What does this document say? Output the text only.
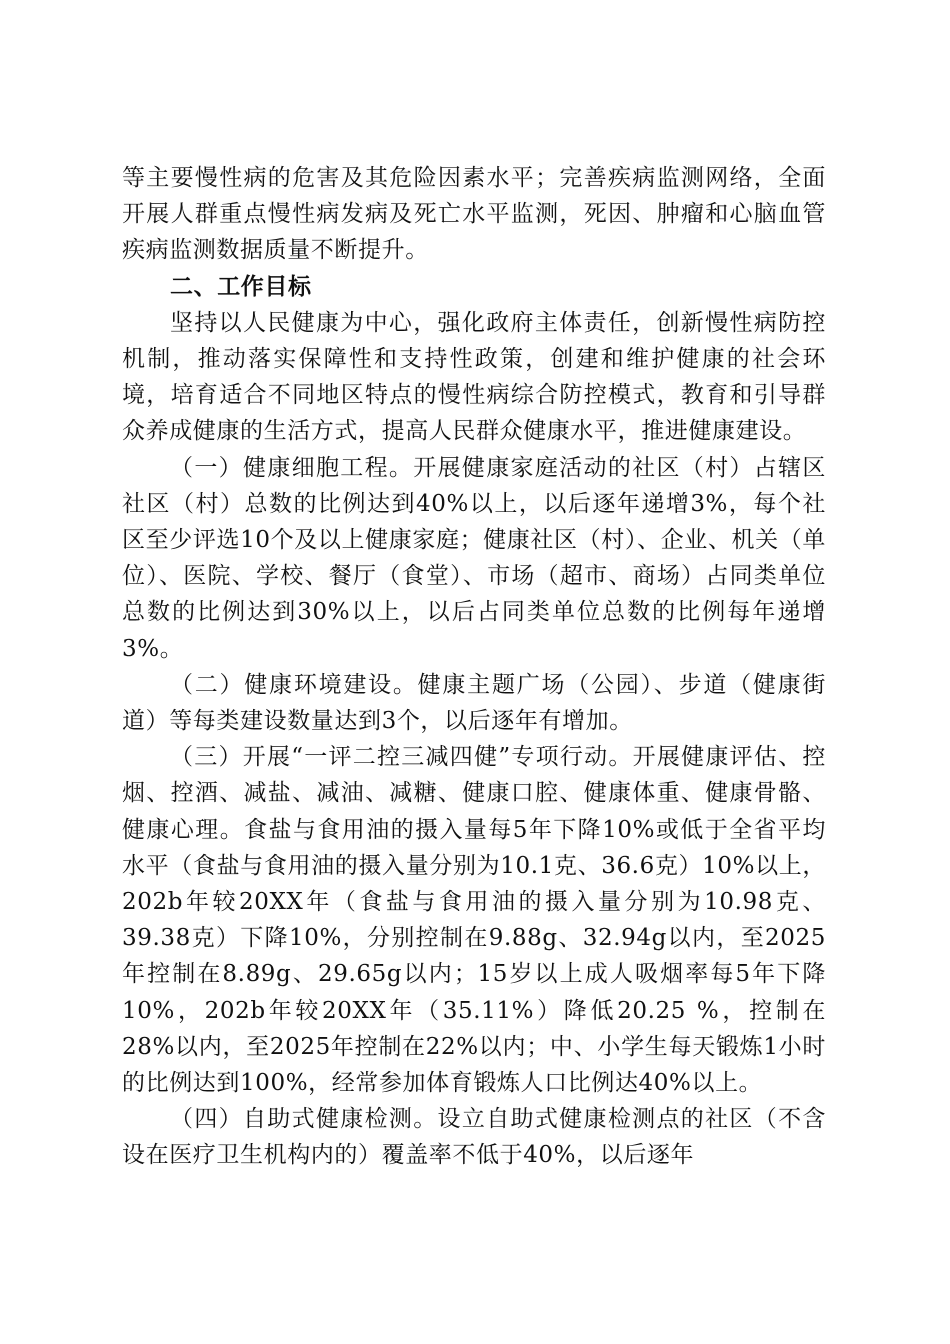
等主要慢性病的危害及其危险因素水平；完善疾病监测网络，全面开展人群重点慢性病发病及死亡水平监测，死因、肿瘤和心脑血管疾病监测数据质量不断提升。

二、工作目标

坚持以人民健康为中心，强化政府主体责任，创新慢性病防控机制，推动落实保障性和支持性政策，创建和维护健康的社会环境，培育适合不同地区特点的慢性病综合防控模式，教育和引导群众养成健康的生活方式，提高人民群众健康水平，推进健康建设。

（一）健康细胞工程。开展健康家庭活动的社区（村）占辖区社区（村）总数的比例达到40%以上，以后逐年递增3%，每个社区至少评选10个及以上健康家庭；健康社区（村）、企业、机关（单位）、医院、学校、餐厅（食堂）、市场（超市、商场）占同类单位总数的比例达到30%以上，以后占同类单位总数的比例每年递增3%。

（二）健康环境建设。健康主题广场（公园）、步道（健康街道）等每类建设数量达到3个，以后逐年有增加。

（三）开展“一评二控三减四健”专项行动。开展健康评估、控烟、控酒、减盐、减油、减糖、健康口腔、健康体重、健康骨骼、健康心理。食盐与食用油的摄入量每5年下降10%或低于全省平均水平（食盐与食用油的摄入量分别为10.1克、36.6克）10%以上，202b年较20XX年（食盐与食用油的摄入量分别为10.98克、39.38克）下降10%，分别控制在9.88g、32.94g以内，至2025年控制在8.89g、29.65g以内；15岁以上成人吸烟率每5年下降10%，202b年较20XX年（35.11%）降低20.25 %，控制在28%以内，至2025年控制在22%以内；中、小学生每天锻炼1小时的比例达到100%，经常参加体育锻炼人口比例达40%以上。

（四）自助式健康检测。设立自助式健康检测点的社区（不含设在医疗卫生机构内的）覆盖率不低于40%，以后逐年
